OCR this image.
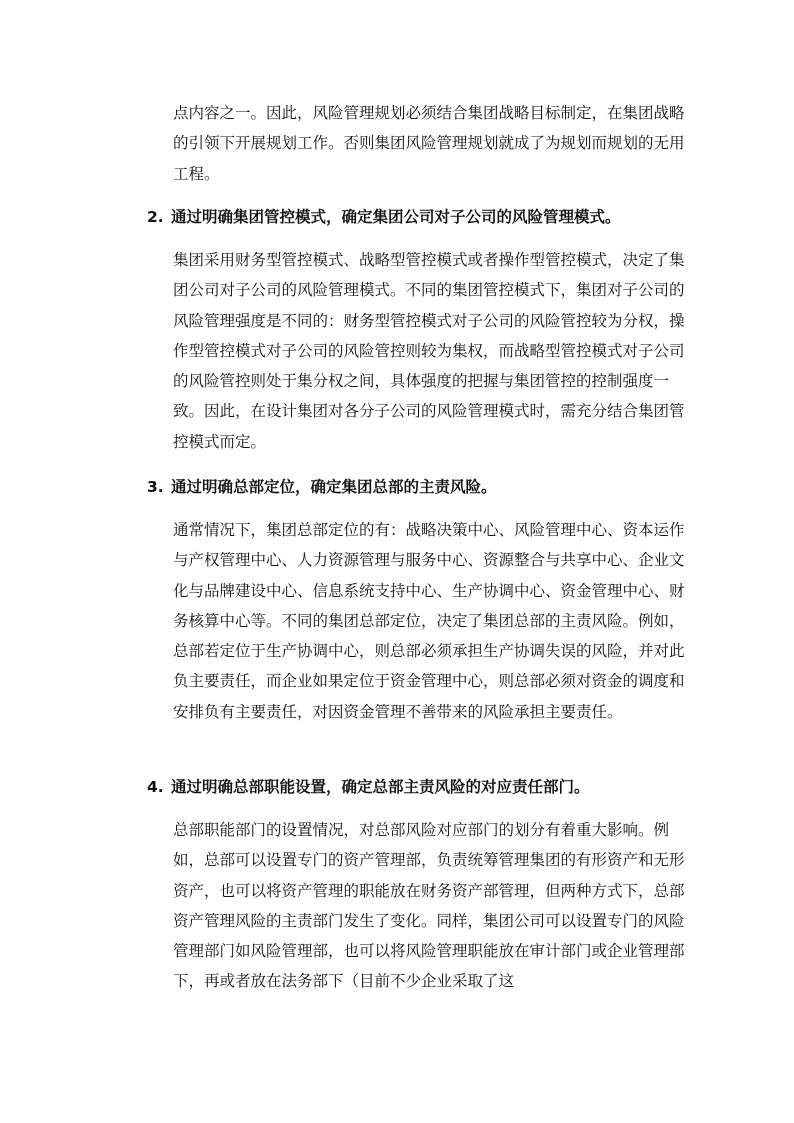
点内容之一。因此，风险管理规划必须结合集团战略目标制定，在集团战略的引领下开展规划工作。否则集团风险管理规划就成了为规划而规划的无用工程。

2. 通过明确集团管控模式，确定集团公司对子公司的风险管理模式。

集团采用财务型管控模式、战略型管控模式或者操作型管控模式，决定了集团公司对子公司的风险管理模式。不同的集团管控模式下，集团对子公司的风险管理强度是不同的：财务型管控模式对子公司的风险管控较为分权，操作型管控模式对子公司的风险管控则较为集权，而战略型管控模式对子公司的风险管控则处于集分权之间，具体强度的把握与集团管控的控制强度一致。因此，在设计集团对各分子公司的风险管理模式时，需充分结合集团管控模式而定。

3. 通过明确总部定位，确定集团总部的主责风险。

通常情况下，集团总部定位的有：战略决策中心、风险管理中心、资本运作与产权管理中心、人力资源管理与服务中心、资源整合与共享中心、企业文化与品牌建设中心、信息系统支持中心、生产协调中心、资金管理中心、财务核算中心等。不同的集团总部定位，决定了集团总部的主责风险。例如，总部若定位于生产协调中心，则总部必须承担生产协调失误的风险，并对此负主要责任，而企业如果定位于资金管理中心，则总部必须对资金的调度和安排负有主要责任，对因资金管理不善带来的风险承担主要责任。

4. 通过明确总部职能设置，确定总部主责风险的对应责任部门。

总部职能部门的设置情况，对总部风险对应部门的划分有着重大影响。例如，总部可以设置专门的资产管理部，负责统筹管理集团的有形资产和无形资产，也可以将资产管理的职能放在财务资产部管理，但两种方式下，总部资产管理风险的主责部门发生了变化。同样，集团公司可以设置专门的风险管理部门如风险管理部，也可以将风险管理职能放在审计部门或企业管理部下，再或者放在法务部下（目前不少企业采取了这
